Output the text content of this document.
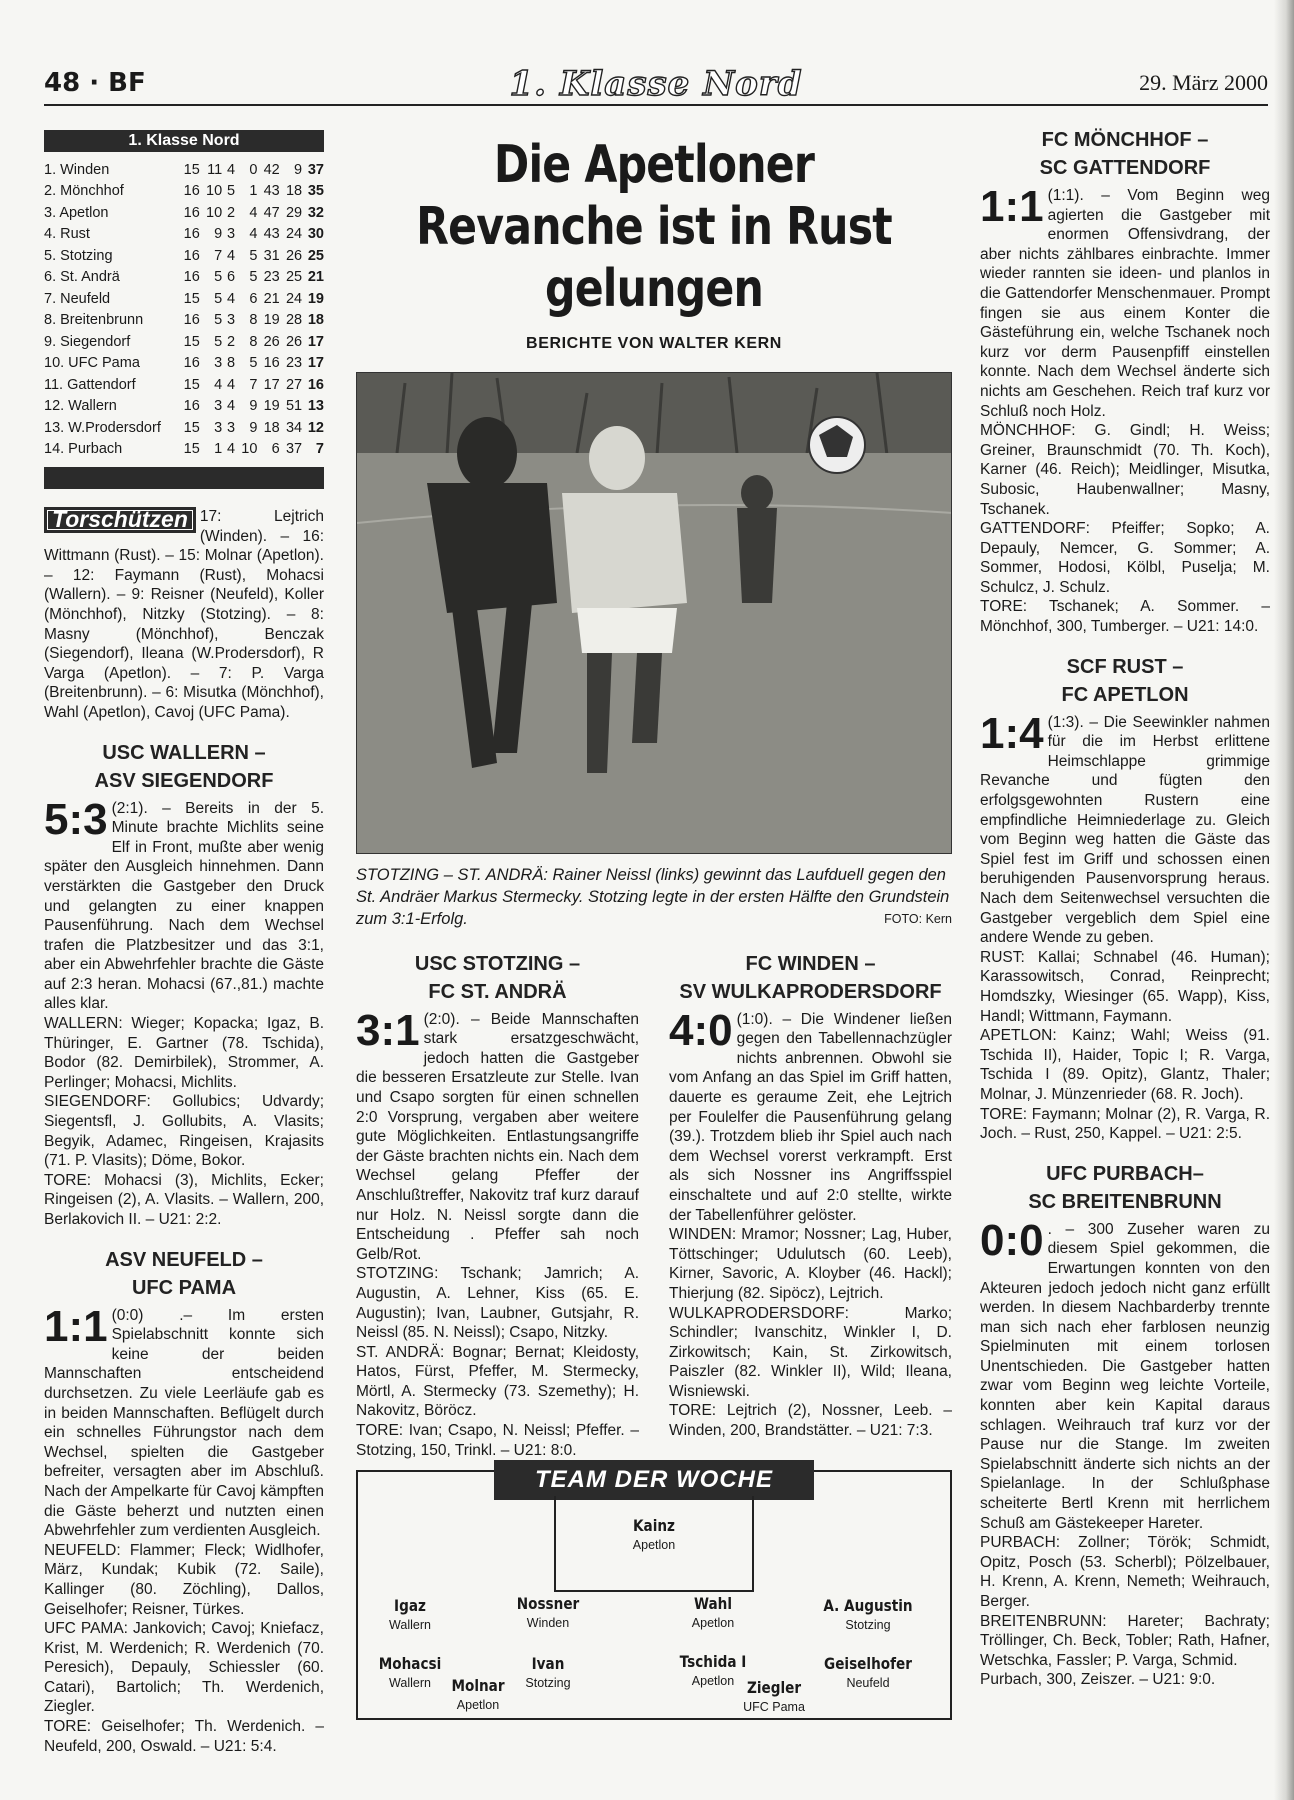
48 · BF	1. Klasse Nord	29. März 2000
1. Klasse Nord
1. Winden	15	11	4	0	42	9	37
2. Mönchhof	16	10	5	1	43	18	35
3. Apetlon	16	10	2	4	47	29	32
4. Rust	16	9	3	4	43	24	30
5. Stotzing	16	7	4	5	31	26	25
6. St. Andrä	16	5	6	5	23	25	21
7. Neufeld	15	5	4	6	21	24	19
8. Breitenbrunn	16	5	3	8	19	28	18
9. Siegendorf	15	5	2	8	26	26	17
10. UFC Pama	16	3	8	5	16	23	17
11. Gattendorf	15	4	4	7	17	27	16
12. Wallern	16	3	4	9	19	51	13
13. W.Prodersdorf	15	3	3	9	18	34	12
14. Purbach	15	1	4	10	6	37	7
Torschützen 17: Lejtrich (Winden). – 16: Wittmann (Rust). – 15: Molnar (Apetlon). – 12: Faymann (Rust), Mohacsi (Wallern). – 9: Reisner (Neufeld), Koller (Mönchhof), Nitzky (Stotzing). – 8: Masny (Mönchhof), Benczak (Siegendorf), Ileana (W.Prodersdorf), R Varga (Apetlon). – 7: P. Varga (Breitenbrunn). – 6: Misutka (Mönchhof), Wahl (Apetlon), Cavoj (UFC Pama).
USC WALLERN –
ASV SIEGENDORF

5:3 (2:1). – Bereits in der 5. Minute brachte Michlits seine Elf in Front, mußte aber wenig später den Ausgleich hinnehmen. Dann verstärkten die Gastgeber den Druck und gelangten zu einer knappen Pausenführung. Nach dem Wechsel trafen die Platzbesitzer und das 3:1, aber ein Abwehrfehler brachte die Gäste auf 2:3 heran. Mohacsi (67.,81.) machte alles klar.

WALLERN: Wieger; Kopacka; Igaz, B. Thüringer, E. Gartner (78. Tschida), Bodor (82. Demirbilek), Strommer, A. Perlinger; Mohacsi, Michlits.

SIEGENDORF: Gollubics; Udvardy; Siegentsfl, J. Gollubits, A. Vlasits; Begyik, Adamec, Ringeisen, Krajasits (71. P. Vlasits); Döme, Bokor.

TORE: Mohacsi (3), Michlits, Ecker; Ringeisen (2), A. Vlasits. – Wallern, 200, Berlakovich II. – U21: 2:2.

ASV NEUFELD –
UFC PAMA

1:1 (0:0) .– Im ersten Spielabschnitt konnte sich keine der beiden Mannschaften entscheidend durchsetzen. Zu viele Leerläufe gab es in beiden Mannschaften. Beflügelt durch ein schnelles Führungstor nach dem Wechsel, spielten die Gastgeber befreiter, versagten aber im Abschluß. Nach der Ampelkarte für Cavoj kämpften die Gäste beherzt und nutzten einen Abwehrfehler zum verdienten Ausgleich.

NEUFELD: Flammer; Fleck; Widlhofer, März, Kundak; Kubik (72. Saile), Kallinger (80. Zöchling), Dallos, Geiselhofer; Reisner, Türkes.

UFC PAMA: Jankovich; Cavoj; Kniefacz, Krist, M. Werdenich; R. Werdenich (70. Peresich), Depauly, Schiessler (60. Catari), Bartolich; Th. Werdenich, Ziegler.

TORE: Geiselhofer; Th. Werdenich. – Neufeld, 200, Oswald. – U21: 5:4.

Die Apetloner Revanche ist in Rust gelungen
BERICHTE VON WALTER KERN
STOTZING – ST. ANDRÄ: Rainer Neissl (links) gewinnt das Laufduell gegen den St. Andräer Markus Stermecky. Stotzing legte in der ersten Hälfte den Grundstein zum 3:1-Erfolg.	FOTO: Kern
USC STOTZING –
FC ST. ANDRÄ

3:1 (2:0). – Beide Mannschaften stark ersatzgeschwächt, jedoch hatten die Gastgeber die besseren Ersatzleute zur Stelle. Ivan und Csapo sorgten für einen schnellen 2:0 Vorsprung, vergaben aber weitere gute Möglichkeiten. Entlastungsangriffe der Gäste brachten nichts ein. Nach dem Wechsel gelang Pfeffer der Anschlußtreffer, Nakovitz traf kurz darauf nur Holz. N. Neissl sorgte dann die Entscheidung . Pfeffer sah noch Gelb/Rot.

STOTZING: Tschank; Jamrich; A. Augustin, A. Lehner, Kiss (65. E. Augustin); Ivan, Laubner, Gutsjahr, R. Neissl (85. N. Neissl); Csapo, Nitzky.

ST. ANDRÄ: Bognar; Bernat; Kleidosty, Hatos, Fürst, Pfeffer, M. Stermecky, Mörtl, A. Stermecky (73. Szemethy); H. Nakovitz, Böröcz.

TORE: Ivan; Csapo, N. Neissl; Pfeffer. – Stotzing, 150, Trinkl. – U21: 8:0.

FC WINDEN –
SV WULKAPRODERSDORF

4:0 (1:0). – Die Windener ließen gegen den Tabellennachzügler nichts anbrennen. Obwohl sie vom Anfang an das Spiel im Griff hatten, dauerte es geraume Zeit, ehe Lejtrich per Foulelfer die Pausenführung gelang (39.). Trotzdem blieb ihr Spiel auch nach dem Wechsel vorerst verkrampft. Erst als sich Nossner ins Angriffsspiel einschaltete und auf 2:0 stellte, wirkte der Tabellenführer gelöster.

WINDEN: Mramor; Nossner; Lag, Huber, Töttschinger; Udulutsch (60. Leeb), Kirner, Savoric, A. Kloyber (46. Hackl); Thierjung (82. Sipöcz), Lejtrich.

WULKAPRODERSDORF: Marko; Schindler; Ivanschitz, Winkler I, D. Zirkowitsch; Kain, St. Zirkowitsch, Paiszler (82. Winkler II), Wild; Ileana, Wisniewski.

TORE: Lejtrich (2), Nossner, Leeb. – Winden, 200, Brandstätter. – U21: 7:3.

TEAM DER WOCHE
Kainz
Apetlon
Igaz
Wallern
Nossner
Winden
Wahl
Apetlon
A. Augustin
Stotzing
Mohacsi
Wallern
Ivan
Stotzing
Tschida I
Apetlon
Geiselhofer
Neufeld
Molnar
Apetlon
Ziegler
UFC Pama
FC MÖNCHHOF –
SC GATTENDORF

1:1 (1:1). – Vom Beginn weg agierten die Gastgeber mit enormen Offensivdrang, der aber nichts zählbares einbrachte. Immer wieder rannten sie ideen- und planlos in die Gattendorfer Menschenmauer. Prompt fingen sie aus einem Konter die Gästeführung ein, welche Tschanek noch kurz vor derm Pausenpfiff einstellen konnte. Nach dem Wechsel änderte sich nichts am Geschehen. Reich traf kurz vor Schluß noch Holz.

MÖNCHHOF: G. Gindl; H. Weiss; Greiner, Braunschmidt (70. Th. Koch), Karner (46. Reich); Meidlinger, Misutka, Subosic, Haubenwallner; Masny, Tschanek.

GATTENDORF: Pfeiffer; Sopko; A. Depauly, Nemcer, G. Sommer; A. Sommer, Hodosi, Kölbl, Puselja; M. Schulcz, J. Schulz.

TORE: Tschanek; A. Sommer. – Mönchhof, 300, Tumberger. – U21: 14:0.

SCF RUST –
FC APETLON

1:4 (1:3). – Die Seewinkler nahmen für die im Herbst erlittene Heimschlappe grimmige Revanche und fügten den erfolgsgewohnten Rustern eine empfindliche Heimniederlage zu. Gleich vom Beginn weg hatten die Gäste das Spiel fest im Griff und schossen einen beruhigenden Pausenvorsprung heraus. Nach dem Seitenwechsel versuchten die Gastgeber vergeblich dem Spiel eine andere Wende zu geben.

RUST: Kallai; Schnabel (46. Human); Karassowitsch, Conrad, Reinprecht; Homdszky, Wiesinger (65. Wapp), Kiss, Handl; Wittmann, Faymann.

APETLON: Kainz; Wahl; Weiss (91. Tschida II), Haider, Topic I; R. Varga, Tschida I (89. Opitz), Glantz, Thaler; Molnar, J. Münzenrieder (68. R. Joch).

TORE: Faymann; Molnar (2), R. Varga, R. Joch. – Rust, 250, Kappel. – U21: 2:5.

UFC PURBACH–
SC BREITENBRUNN

0:0 . – 300 Zuseher waren zu diesem Spiel gekommen, die Erwartungen konnten von den Akteuren jedoch jedoch nicht ganz erfüllt werden. In diesem Nachbarderby trennte man sich nach eher farblosen neunzig Spielminuten mit einem torlosen Unentschieden. Die Gastgeber hatten zwar vom Beginn weg leichte Vorteile, konnten aber kein Kapital daraus schlagen. Weihrauch traf kurz vor der Pause nur die Stange. Im zweiten Spielabschnitt änderte sich nichts an der Spielanlage. In der Schlußphase scheiterte Bertl Krenn mit herrlichem Schuß am Gästekeeper Hareter.

PURBACH: Zollner; Török; Schmidt, Opitz, Posch (53. Scherbl); Pölzelbauer, H. Krenn, A. Krenn, Nemeth; Weihrauch, Berger.

BREITENBRUNN: Hareter; Bachraty; Tröllinger, Ch. Beck, Tobler; Rath, Hafner, Wetschka, Fassler; P. Varga, Schmid.

Purbach, 300, Zeiszer. – U21: 9:0.
